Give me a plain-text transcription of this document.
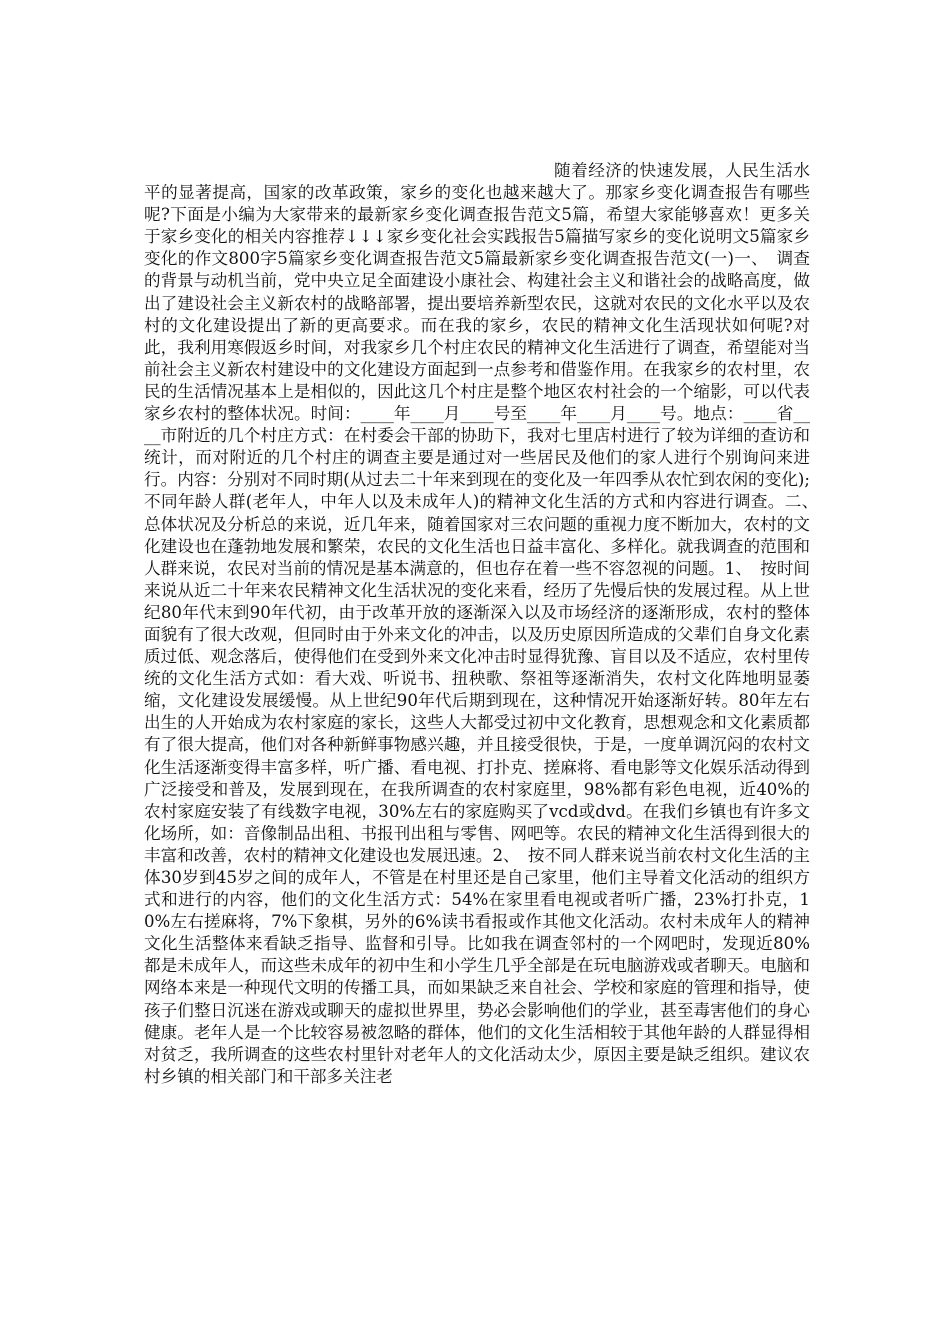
随着经济的快速发展，人民生活水平的显著提高，国家的改革政策，家乡的变化也越来越大了。那家乡变化调查报告有哪些呢?下面是小编为大家带来的最新家乡变化调查报告范文5篇，希望大家能够喜欢！更多关于家乡变化的相关内容推荐↓↓↓家乡变化社会实践报告5篇描写家乡的变化说明文5篇家乡变化的作文800字5篇家乡变化调查报告范文5篇最新家乡变化调查报告范文(一)一、　调查的背景与动机当前，党中央立足全面建设小康社会、构建社会主义和谐社会的战略高度，做出了建设社会主义新农村的战略部署，提出要培养新型农民，这就对农民的文化水平以及农村的文化建设提出了新的更高要求。而在我的家乡，农民的精神文化生活现状如何呢?对此，我利用寒假返乡时间，对我家乡几个村庄农民的精神文化生活进行了调查，希望能对当前社会主义新农村建设中的文化建设方面起到一点参考和借鉴作用。在我家乡的农村里，农民的生活情况基本上是相似的，因此这几个村庄是整个地区农村社会的一个缩影，可以代表家乡农村的整体状况。时间：____年____月____号至____年____月____号。地点：____省____市附近的几个村庄方式：在村委会干部的协助下，我对七里店村进行了较为详细的查访和统计，而对附近的几个村庄的调查主要是通过对一些居民及他们的家人进行个别询问来进行。内容：分别对不同时期(从过去二十年来到现在的变化及一年四季从农忙到农闲的变化);不同年龄人群(老年人，中年人以及未成年人)的精神文化生活的方式和内容进行调查。二、　总体状况及分析总的来说，近几年来，随着国家对三农问题的重视力度不断加大，农村的文化建设也在蓬勃地发展和繁荣，农民的文化生活也日益丰富化、多样化。就我调查的范围和人群来说，农民对当前的情况是基本满意的，但也存在着一些不容忽视的问题。1、　按时间来说从近二十年来农民精神文化生活状况的变化来看，经历了先慢后快的发展过程。从上世纪80年代末到90年代初，由于改革开放的逐渐深入以及市场经济的逐渐形成，农村的整体面貌有了很大改观，但同时由于外来文化的冲击，以及历史原因所造成的父辈们自身文化素质过低、观念落后，使得他们在受到外来文化冲击时显得犹豫、盲目以及不适应，农村里传统的文化生活方式如：看大戏、听说书、扭秧歌、祭祖等逐渐消失，农村文化阵地明显萎缩，文化建设发展缓慢。从上世纪90年代后期到现在，这种情况开始逐渐好转。80年左右出生的人开始成为农村家庭的家长，这些人大都受过初中文化教育，思想观念和文化素质都有了很大提高，他们对各种新鲜事物感兴趣，并且接受很快，于是，一度单调沉闷的农村文化生活逐渐变得丰富多样，听广播、看电视、打扑克、搓麻将、看电影等文化娱乐活动得到广泛接受和普及，发展到现在，在我所调查的农村家庭里，98%都有彩色电视，近40%的农村家庭安装了有线数字电视，30%左右的家庭购买了vcd或dvd。在我们乡镇也有许多文化场所，如：音像制品出租、书报刊出租与零售、网吧等。农民的精神文化生活得到很大的丰富和改善，农村的精神文化建设也发展迅速。2、　按不同人群来说当前农村文化生活的主体30岁到45岁之间的成年人，不管是在村里还是自己家里，他们主导着文化活动的组织方式和进行的内容，他们的文化生活方式：54%在家里看电视或者听广播，23%打扑克，10%左右搓麻将，7%下象棋，另外的6%读书看报或作其他文化活动。农村未成年人的精神文化生活整体来看缺乏指导、监督和引导。比如我在调查邻村的一个网吧时，发现近80%都是未成年人，而这些未成年的初中生和小学生几乎全部是在玩电脑游戏或者聊天。电脑和网络本来是一种现代文明的传播工具，而如果缺乏来自社会、学校和家庭的管理和指导，使孩子们整日沉迷在游戏或聊天的虚拟世界里，势必会影响他们的学业，甚至毒害他们的身心健康。老年人是一个比较容易被忽略的群体，他们的文化生活相较于其他年龄的人群显得相对贫乏，我所调查的这些农村里针对老年人的文化活动太少，原因主要是缺乏组织。建议农村乡镇的相关部门和干部多关注老
